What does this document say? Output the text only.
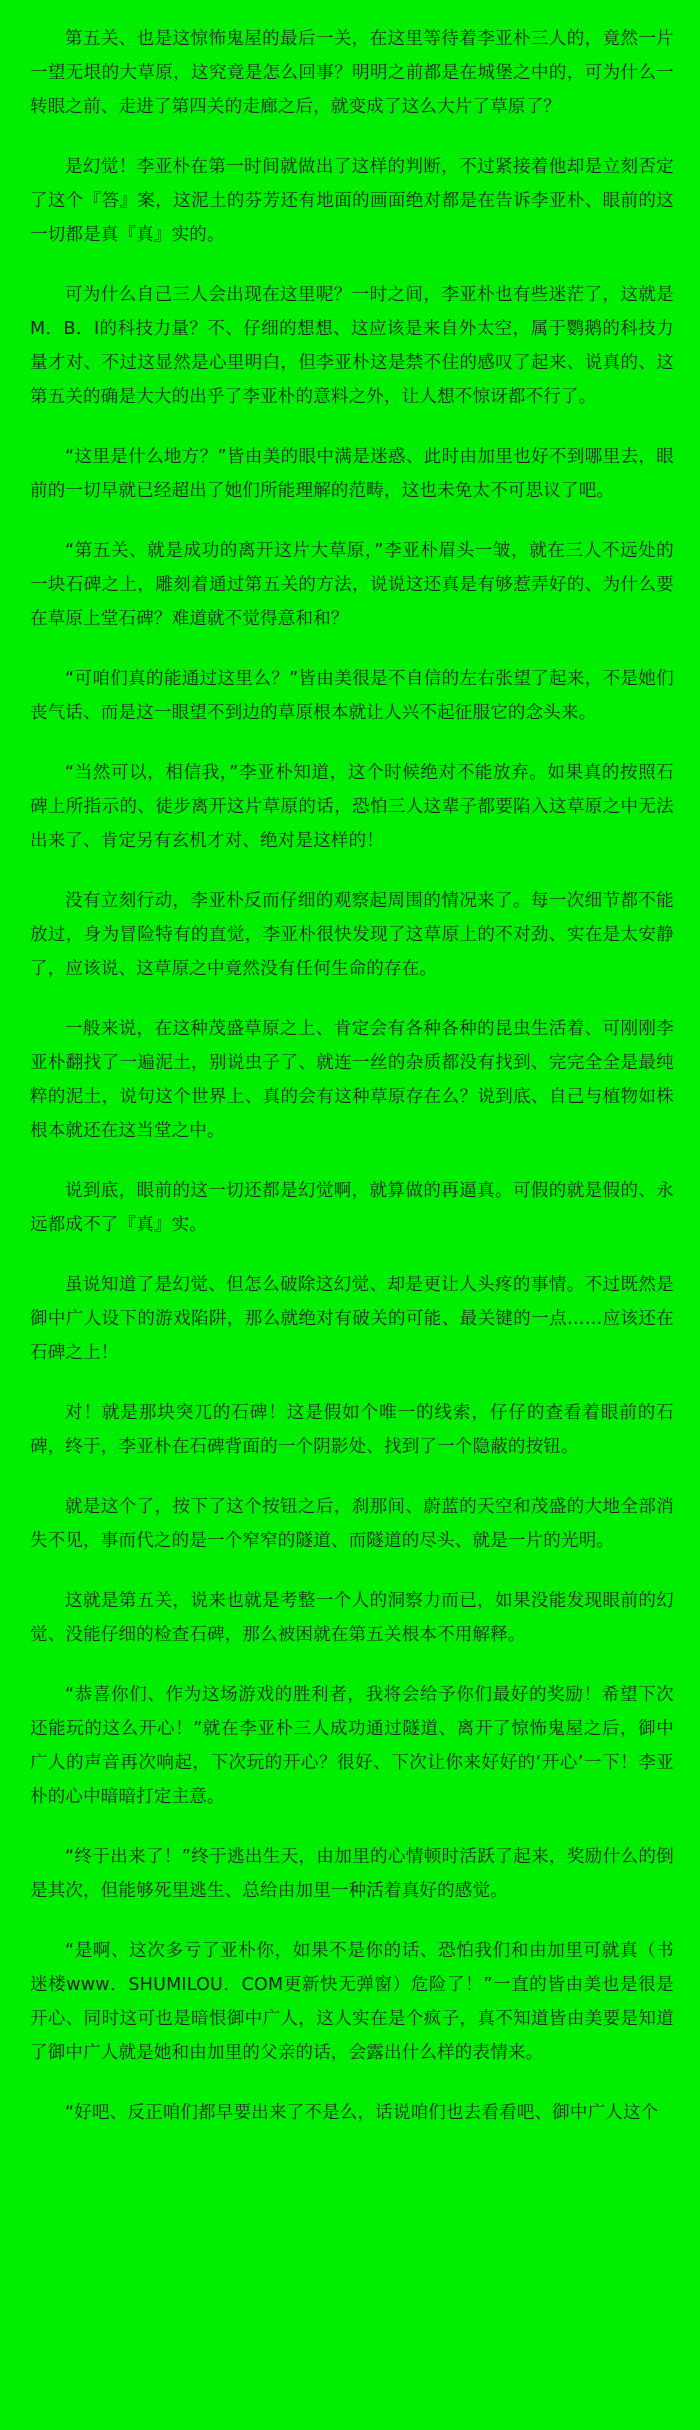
第五关、也是这惊怖鬼屋的最后一关，在这里等待着李亚朴三人的，竟然一片一望无垠的大草原，这究竟是怎么回事？明明之前都是在城堡之中的，可为什么一转眼之前、走进了第四关的走廊之后，就变成了这么大片了草原了？

是幻觉！李亚朴在第一时间就做出了这样的判断，不过紧接着他却是立刻否定了这个『答』案，这泥土的芬芳还有地面的画面绝对都是在告诉李亚朴、眼前的这一切都是真『真』实的。

可为什么自己三人会出现在这里呢？一时之间，李亚朴也有些迷茫了，这就是M．B．I的科技力量？不、仔细的想想、这应该是来自外太空，属于鹦鹅的科技力量才对、不过这显然是心里明白，但李亚朴这是禁不住的感叹了起来、说真的、这第五关的确是大大的出乎了李亚朴的意料之外，让人想不惊讶都不行了。

“这里是什么地方？”皆由美的眼中满是迷惑、此时由加里也好不到哪里去，眼前的一切早就已经超出了她们所能理解的范畴，这也未免太不可思议了吧。

“第五关、就是成功的离开这片大草原，”李亚朴眉头一皱，就在三人不远处的一块石碑之上，雕刻着通过第五关的方法，说说这还真是有够惹弄好的、为什么要在草原上堂石碑？难道就不觉得意和和？

“可咱们真的能通过这里么？”皆由美很是不自信的左右张望了起来，不是她们丧气话、而是这一眼望不到边的草原根本就让人兴不起征服它的念头来。

“当然可以，相信我，”李亚朴知道，这个时候绝对不能放弃。如果真的按照石碑上所指示的、徒步离开这片草原的话，恐怕三人这辈子都要陷入这草原之中无法出来了、肯定另有玄机才对、绝对是这样的！

没有立刻行动，李亚朴反而仔细的观察起周围的情况来了。每一次细节都不能放过，身为冒险特有的直觉，李亚朴很快发现了这草原上的不对劲、实在是太安静了，应该说、这草原之中竟然没有任何生命的存在。

一般来说，在这种茂盛草原之上、肯定会有各种各种的昆虫生活着、可刚刚李亚朴翻找了一遍泥土，别说虫子了、就连一丝的杂质都没有找到、完完全全是最纯粹的泥土，说句这个世界上、真的会有这种草原存在么？说到底、自己与植物如株根本就还在这当堂之中。

说到底，眼前的这一切还都是幻觉啊，就算做的再逼真。可假的就是假的、永远都成不了『真』实。

虽说知道了是幻觉、但怎么破除这幻觉、却是更让人头疼的事情。不过既然是御中广人设下的游戏陷阱，那么就绝对有破关的可能、最关键的一点……应该还在石碑之上！

对！就是那块突兀的石碑！这是假如个唯一的线索，仔仔的查看着眼前的石碑，终于，李亚朴在石碑背面的一个阴影处、找到了一个隐蔽的按钮。

就是这个了，按下了这个按钮之后，刹那间、蔚蓝的天空和茂盛的大地全部消失不见，事而代之的是一个窄窄的隧道、而隧道的尽头、就是一片的光明。

这就是第五关，说来也就是考整一个人的洞察力而已，如果没能发现眼前的幻觉、没能仔细的检查石碑，那么被困就在第五关根本不用解释。

“恭喜你们、作为这场游戏的胜利者，我将会给予你们最好的奖励！希望下次还能玩的这么开心！”就在李亚朴三人成功通过隧道、离开了惊怖鬼屋之后，御中广人的声音再次响起，下次玩的开心？很好、下次让你来好好的‘开心’一下！李亚朴的心中暗暗打定主意。

“终于出来了！”终于逃出生天，由加里的心情顿时活跃了起来，奖励什么的倒是其次，但能够死里逃生、总给由加里一种活着真好的感觉。

“是啊、这次多亏了亚朴你，如果不是你的话、恐怕我们和由加里可就真（书迷楼www．SHUMILOU．COM更新快无弹窗）危险了！”一直的皆由美也是很是开心、同时这可也是暗恨御中广人，这人实在是个疯子，真不知道皆由美要是知道了御中广人就是她和由加里的父亲的话，会露出什么样的表情来。

“好吧、反正咱们都早要出来了不是么，话说咱们也去看看吧、御中广人这个
